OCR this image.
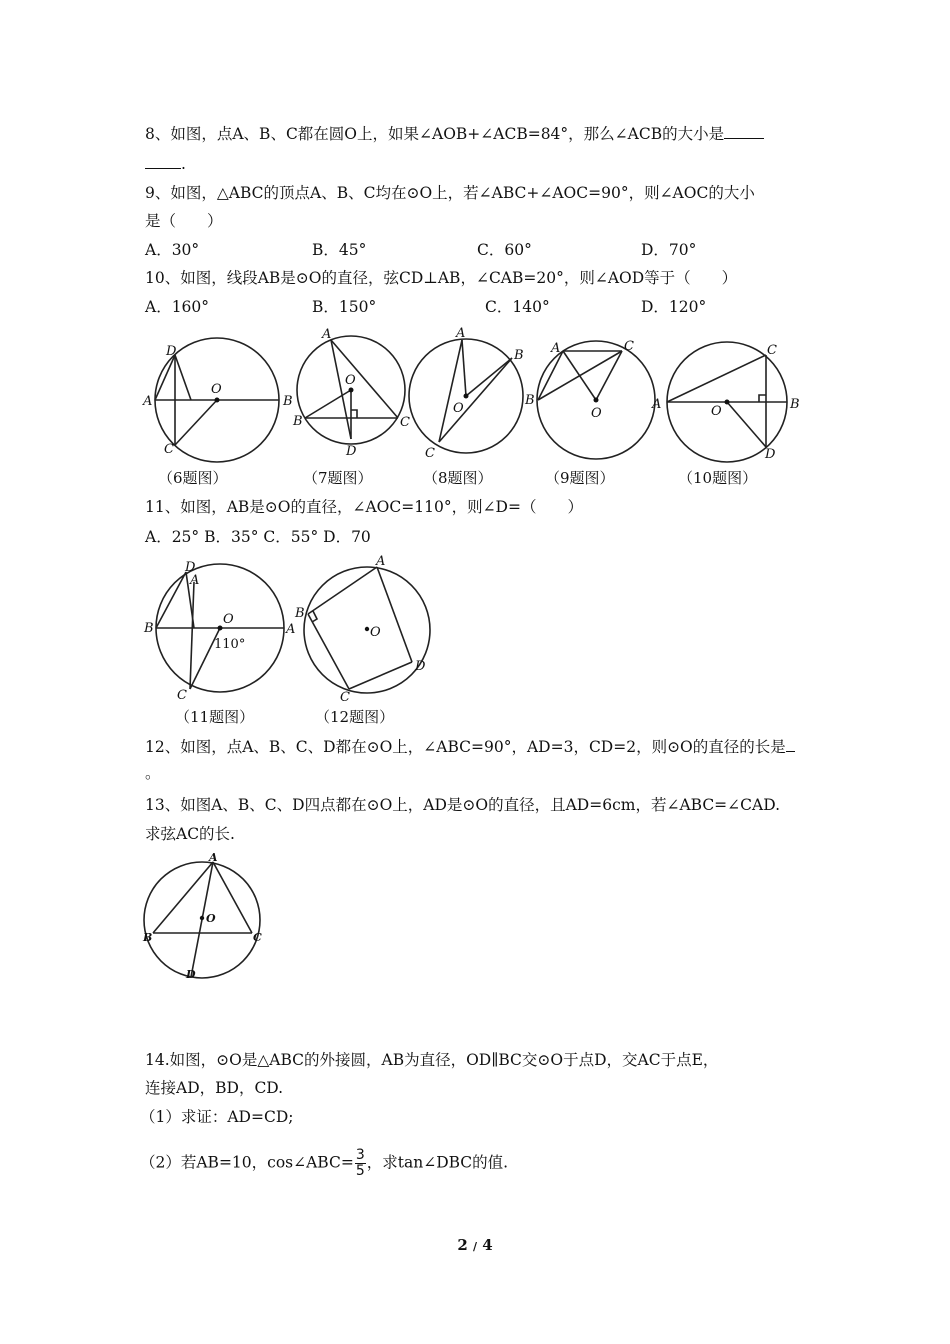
8、如图，点A、B、C都在圆O上，如果∠AOB+∠ACB=84°，那么∠ACB的大小是
.
9、如图，△ABC的顶点A、B、C均在⊙O上，若∠ABC+∠AOC=90°，则∠AOC的大小
是（　　）
A．30°	B．45°	C．60°	D．70°
10、如图，线段AB是⊙O的直径，弦CD⊥AB，∠CAB=20°，则∠AOD等于（　　）
A．160°	B．150°	C．140°	D．120°
D
A
O
B
C
A
O
B	C
D
A
B
O
C
A	C
B
O
A
C
O	B
D
（6题图）	（7题图）	（8题图）	（9题图）	（10题图）
11、如图，AB是⊙O的直径，∠AOC=110°，则∠D=（　　）
A．25° B．35° C．55° D．70
D
A
B
O
A
110°
C
A
B
O
D
C
（11题图）	（12题图）
12、如图，点A、B、C、D都在⊙O上，∠ABC=90°，AD=3，CD=2，则⊙O的直径的长是
。
13、如图A、B、C、D四点都在⊙O上，AD是⊙O的直径，且AD=6cm，若∠ABC=∠CAD.
求弦AC的长.
A
O
B	C
D
14.如图，⊙O是△ABC的外接圆，AB为直径，OD∥BC交⊙O于点D，交AC于点E，
连接AD，BD，CD.
（1）求证：AD=CD;
（2）若AB=10，cos∠ABC= $\frac{3}{5}$ ，求tan∠DBC的值.
2 / 4
